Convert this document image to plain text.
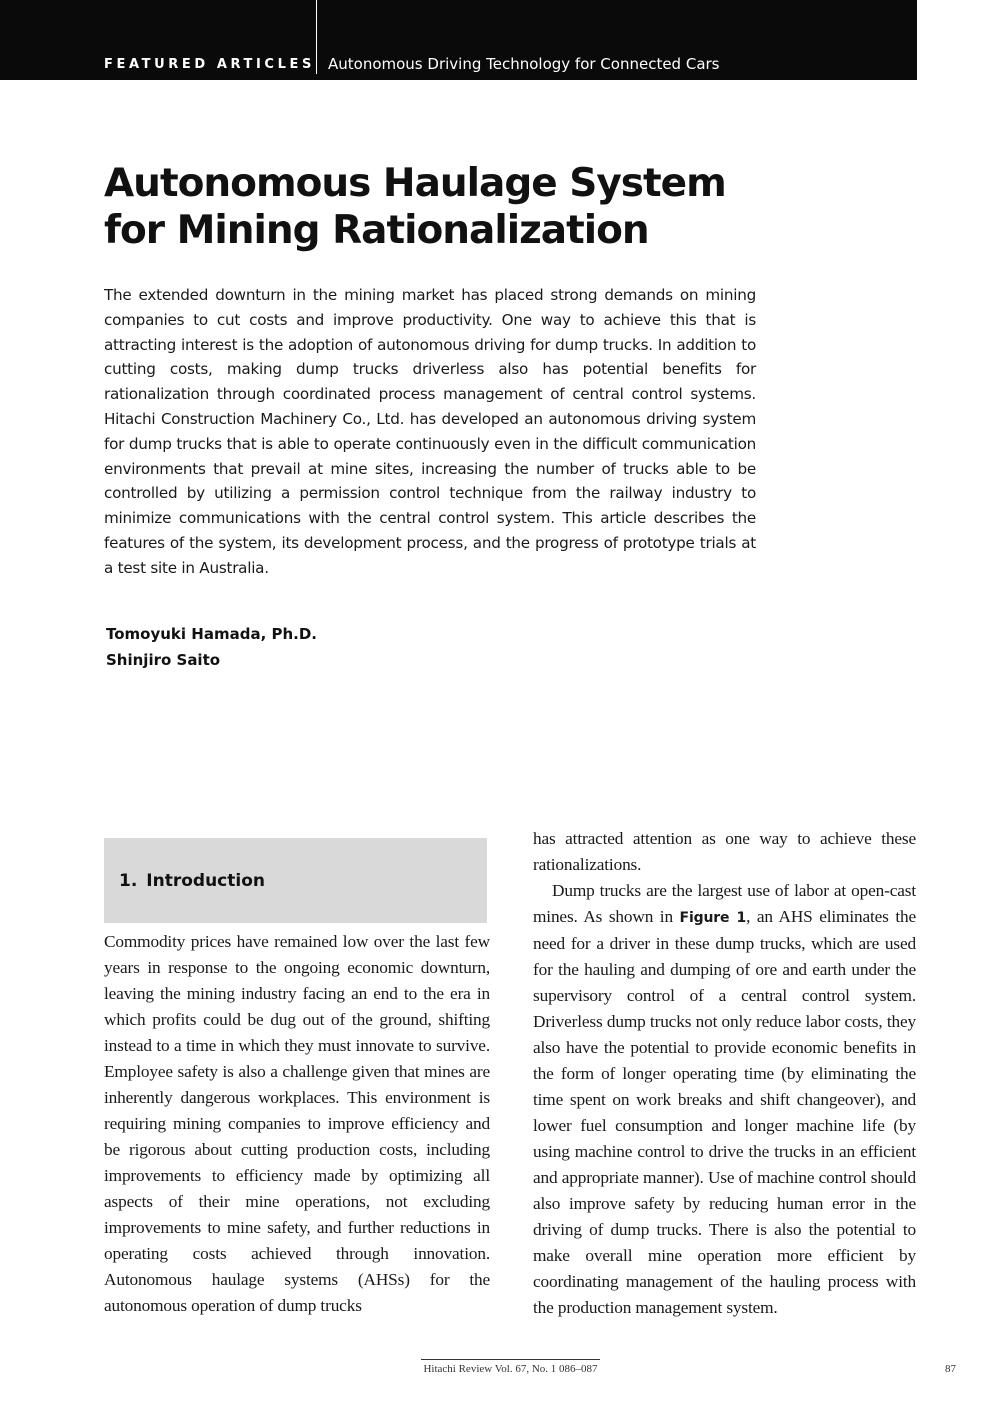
FEATURED ARTICLES Autonomous Driving Technology for Connected Cars
Autonomous Haulage System
for Mining Rationalization

The extended downturn in the mining market has placed strong demands on mining companies to cut costs and improve productivity. One way to achieve this that is attracting interest is the adoption of autonomous driving for dump trucks. In addition to cutting costs, making dump trucks driverless also has potential benefits for rationalization through coordinated process management of central control systems. Hitachi Construction Machinery Co., Ltd. has developed an autonomous driving system for dump trucks that is able to operate continuously even in the difficult communication environments that prevail at mine sites, increasing the number of trucks able to be controlled by utilizing a permission control technique from the railway industry to minimize communications with the central control system. This article describes the features of the system, its development process, and the progress of prototype trials at a test site in Australia.

Tomoyuki Hamada, Ph.D.
Shinjiro Saito
1. Introduction

Commodity prices have remained low over the last few years in response to the ongoing economic downturn, leaving the mining industry facing an end to the era in which profits could be dug out of the ground, shifting instead to a time in which they must innovate to survive. Employee safety is also a challenge given that mines are inherently dangerous workplaces. This environment is requiring mining companies to improve efficiency and be rigorous about cutting production costs, including improvements to efficiency made by optimizing all aspects of their mine operations, not excluding improvements to mine safety, and further reductions in operating costs achieved through innovation. Autonomous haulage systems (AHSs) for the autonomous operation of dump trucks

has attracted attention as one way to achieve these rationalizations.

Dump trucks are the largest use of labor at open-cast mines. As shown in Figure 1, an AHS eliminates the need for a driver in these dump trucks, which are used for the hauling and dumping of ore and earth under the supervisory control of a central control system. Driverless dump trucks not only reduce labor costs, they also have the potential to provide economic benefits in the form of longer operating time (by eliminating the time spent on work breaks and shift changeover), and lower fuel consumption and longer machine life (by using machine control to drive the trucks in an efficient and appropriate manner). Use of machine control should also improve safety by reducing human error in the driving of dump trucks. There is also the potential to make overall mine operation more efficient by coordinating management of the hauling process with the production management system.

Hitachi Review Vol. 67, No. 1 086–087	87
